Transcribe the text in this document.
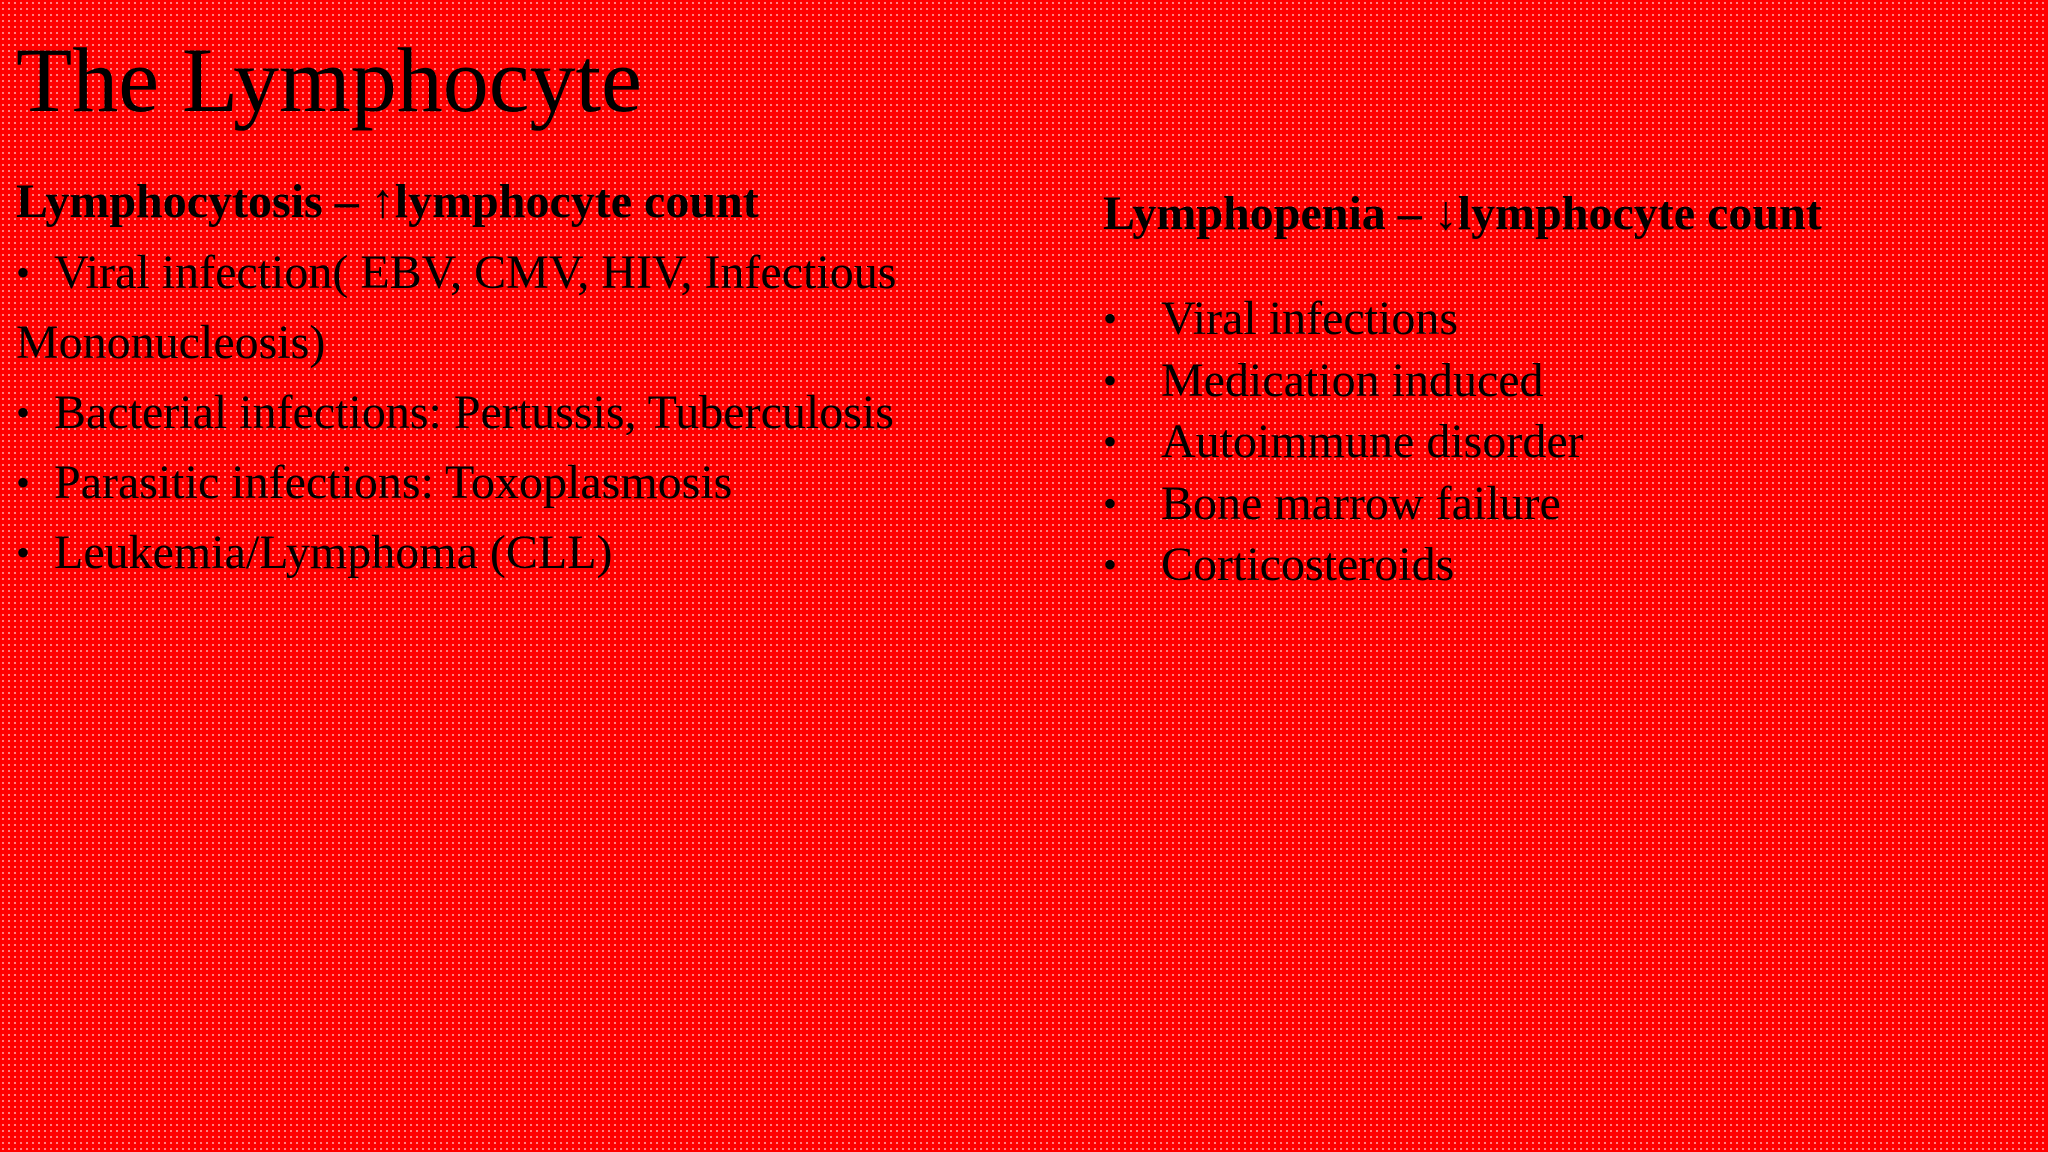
The Lymphocyte
Lymphocytosis – ↑lymphocyte count
• Viral infection( EBV, CMV, HIV, Infectious
Mononucleosis)
• Bacterial infections: Pertussis, Tuberculosis
• Parasitic infections: Toxoplasmosis
• Leukemia/Lymphoma (CLL)
Lymphopenia – ↓lymphocyte count
• Viral infections
• Medication induced
• Autoimmune disorder
• Bone marrow failure
• Corticosteroids
